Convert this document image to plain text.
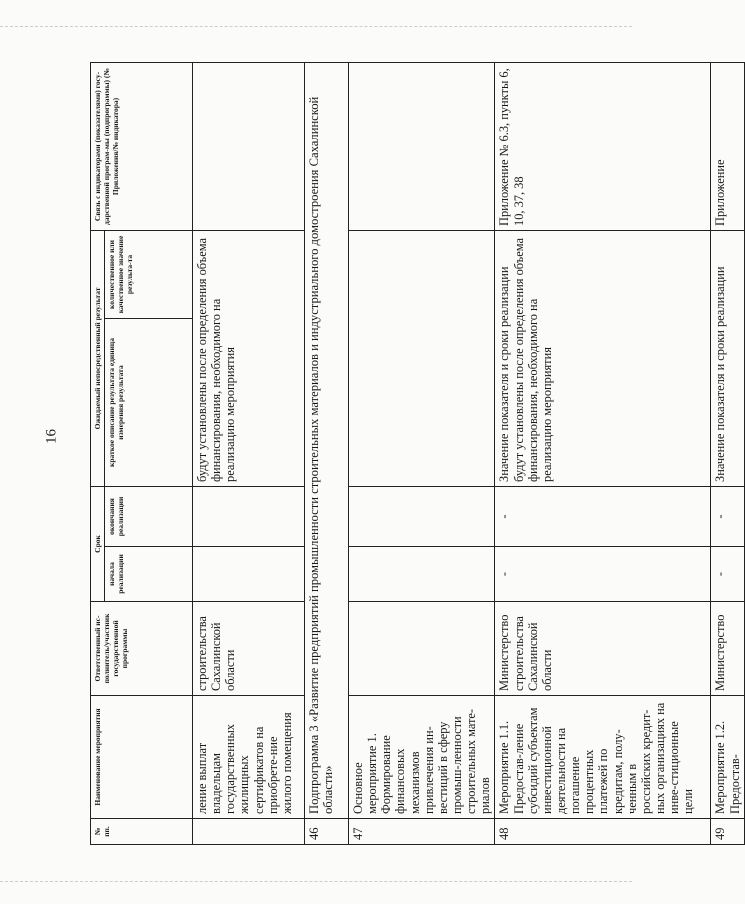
16
№ пп.	Наименование мероприятия	Ответственный ис-полнитель/участник государственной программы	Срок		Ожидаемый непосредственный результат		Связь с индикаторами (показателями) госу-дарственной програм-мы (подпрограммы) (№ Приложения/№ индикатора)
			начала реализации	окончания реализации	краткое описание результата единица измерения результата	количественное или качественное значение результа-та	
	ление выплат владельцам государственных жилищных сертификатов на приобрете-ние жилого помещения	строительства Сахалинской области			будут установлены после определения объема финансирования, необходимого на реализацию мероприятия		
46	Подпрограмма 3 «Развитие предприятий промышленности строительных материалов и индустриального домостроения Сахалинской области»						
47	Основное мероприятие 1. Формирование финансовых механизмов привлечения ин-вестиций в сферу промыш-ленности строительных мате-риалов						
48	Мероприятие 1.1. Предостав-ление субсидий субъектам инвестиционной деятельности на погашение процентных платежей по кредитам, полу-ченным в российских кредит-ных организациях на инве-стиционные цели	Министерство строительства Сахалинской области	-	-	Значение показателя и сроки реализации будут установлены после определения объема финансирования, необходимого на реализацию мероприятия		Приложение № 6.3, пункты 6, 10, 37, 38
49	Мероприятие 1.2. Предостав-	Министерство	-	-	Значение показателя и сроки реализации		Приложение
